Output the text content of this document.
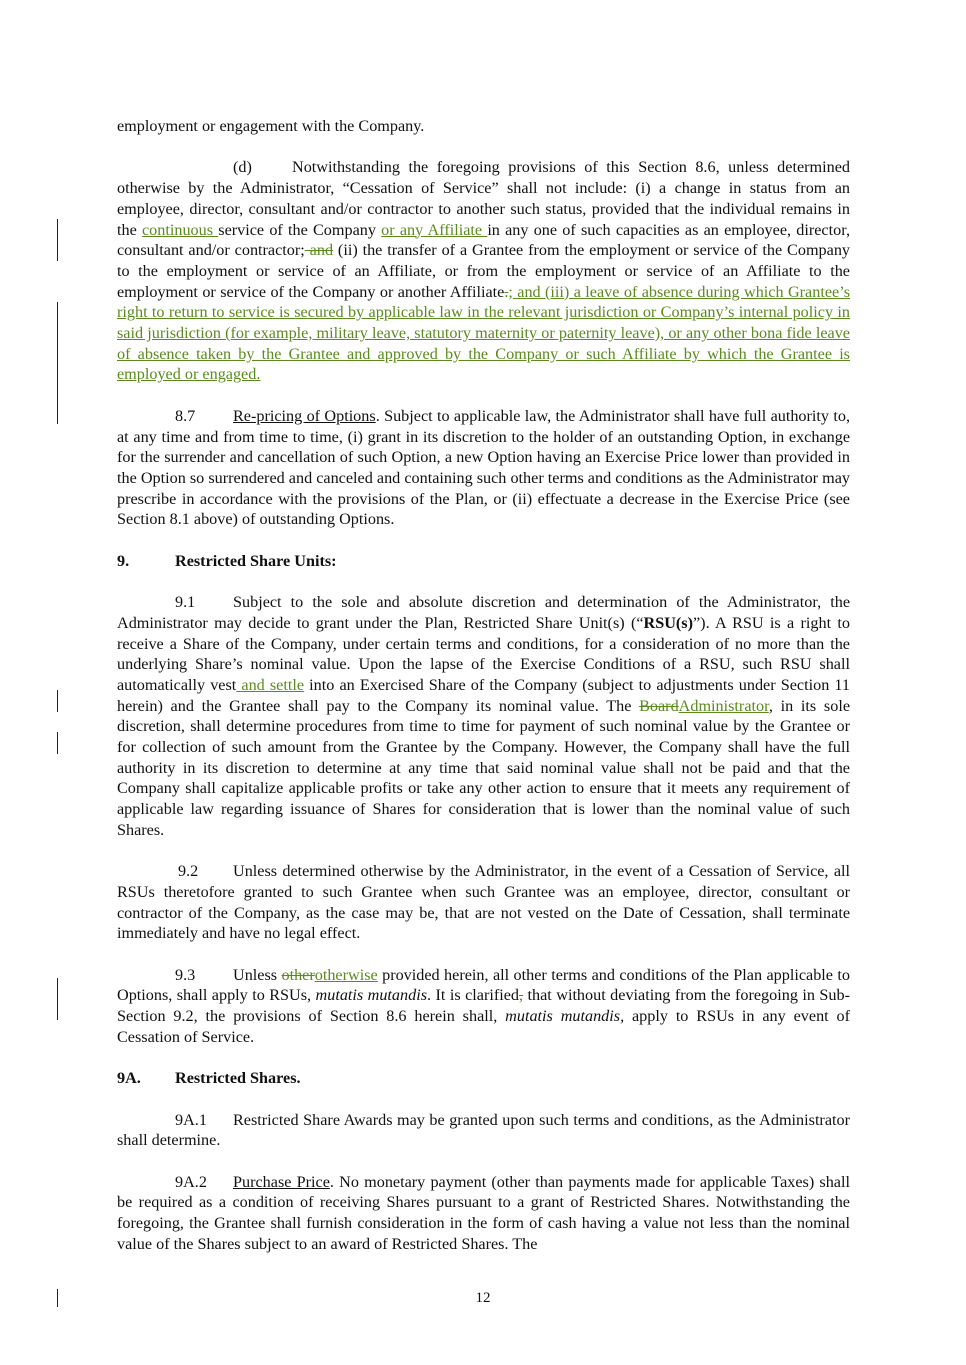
employment or engagement with the Company.

(d) Notwithstanding the foregoing provisions of this Section 8.6, unless determined otherwise by the Administrator, “Cessation of Service” shall not include: (i) a change in status from an employee, director, consultant and/or contractor to another such status, provided that the individual remains in the continuous service of the Company or any Affiliate in any one of such capacities as an employee, director, consultant and/or contractor; and (ii) the transfer of a Grantee from the employment or service of the Company to the employment or service of an Affiliate, or from the employment or service of an Affiliate to the employment or service of the Company or another Affiliate.; and (iii) a leave of absence during which Grantee’s right to return to service is secured by applicable law in the relevant jurisdiction or Company’s internal policy in said jurisdiction (for example, military leave, statutory maternity or paternity leave), or any other bona fide leave of absence taken by the Grantee and approved by the Company or such Affiliate by which the Grantee is employed or engaged.

8.7 Re-pricing of Options. Subject to applicable law, the Administrator shall have full authority to, at any time and from time to time, (i) grant in its discretion to the holder of an outstanding Option, in exchange for the surrender and cancellation of such Option, a new Option having an Exercise Price lower than provided in the Option so surrendered and canceled and containing such other terms and conditions as the Administrator may prescribe in accordance with the provisions of the Plan, or (ii) effectuate a decrease in the Exercise Price (see Section 8.1 above) of outstanding Options.

9.	Restricted Share Units:

9.1 Subject to the sole and absolute discretion and determination of the Administrator, the Administrator may decide to grant under the Plan, Restricted Share Unit(s) (“RSU(s)”). A RSU is a right to receive a Share of the Company, under certain terms and conditions, for a consideration of no more than the underlying Share’s nominal value. Upon the lapse of the Exercise Conditions of a RSU, such RSU shall automatically vest and settle into an Exercised Share of the Company (subject to adjustments under Section 11 herein) and the Grantee shall pay to the Company its nominal value. The BoardAdministrator, in its sole discretion, shall determine procedures from time to time for payment of such nominal value by the Grantee or for collection of such amount from the Grantee by the Company. However, the Company shall have the full authority in its discretion to determine at any time that said nominal value shall not be paid and that the Company shall capitalize applicable profits or take any other action to ensure that it meets any requirement of applicable law regarding issuance of Shares for consideration that is lower than the nominal value of such Shares.

9.2 Unless determined otherwise by the Administrator, in the event of a Cessation of Service, all RSUs theretofore granted to such Grantee when such Grantee was an employee, director, consultant or contractor of the Company, as the case may be, that are not vested on the Date of Cessation, shall terminate immediately and have no legal effect.

9.3 Unless otherotherwise provided herein, all other terms and conditions of the Plan applicable to Options, shall apply to RSUs, mutatis mutandis. It is clarified, that without deviating from the foregoing in Sub-Section 9.2, the provisions of Section 8.6 herein shall, mutatis mutandis, apply to RSUs in any event of Cessation of Service.

9A. Restricted Shares.

9A.1 Restricted Share Awards may be granted upon such terms and conditions, as the Administrator shall determine.

9A.2 Purchase Price. No monetary payment (other than payments made for applicable Taxes) shall be required as a condition of receiving Shares pursuant to a grant of Restricted Shares. Notwithstanding the foregoing, the Grantee shall furnish consideration in the form of cash having a value not less than the nominal value of the Shares subject to an award of Restricted Shares. The

12
